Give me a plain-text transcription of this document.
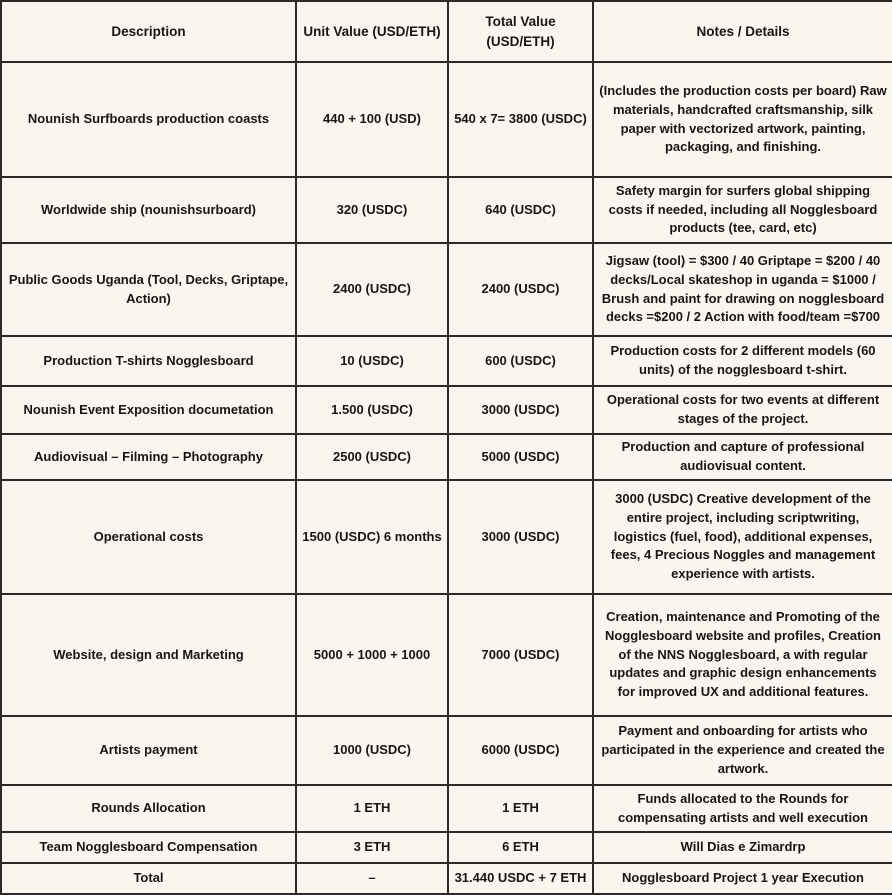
Description	Unit Value (USD/ETH)	Total Value (USD/ETH)	Notes / Details
Nounish Surfboards production coasts	440 + 100 (USD)	540 x 7= 3800 (USDC)	(Includes the production costs per board) Raw materials, handcrafted craftsmanship, silk paper with vectorized artwork, painting, packaging, and finishing.
Worldwide ship (nounishsurboard)	320 (USDC)	640 (USDC)	Safety margin for surfers global shipping costs if needed, including all Nogglesboard products (tee, card, etc)
Public Goods Uganda (Tool, Decks, Griptape, Action)	2400 (USDC)	2400 (USDC)	Jigsaw (tool) = $300 / 40 Griptape = $200 / 40 decks/Local skateshop in uganda = $1000 / Brush and paint for drawing on nogglesboard decks =$200 / 2 Action with food/team =$700
Production T-shirts Nogglesboard	10 (USDC)	600 (USDC)	Production costs for 2 different models (60 units) of the nogglesboard t-shirt.
Nounish Event Exposition documetation	1.500 (USDC)	3000 (USDC)	Operational costs for two events at different stages of the project.
Audiovisual – Filming – Photography	2500 (USDC)	5000 (USDC)	Production and capture of professional audiovisual content.
Operational costs	1500 (USDC) 6 months	3000 (USDC)	3000 (USDC) Creative development of the entire project, including scriptwriting, logistics (fuel, food), additional expenses, fees, 4 Precious Noggles and management experience with artists.
Website, design and Marketing	5000 + 1000 + 1000	7000 (USDC)	Creation, maintenance and Promoting of the Nogglesboard website and profiles, Creation of the NNS Nogglesboard, a with regular updates and graphic design enhancements for improved UX and additional features.
Artists payment	1000 (USDC)	6000 (USDC)	Payment and onboarding for artists who participated in the experience and created the artwork.
Rounds Allocation	1 ETH	1 ETH	Funds allocated to the Rounds for compensating artists and well execution
Team Nogglesboard Compensation	3 ETH	6 ETH	Will Dias e Zimardrp
Total	–	31.440 USDC + 7 ETH	Nogglesboard Project 1 year Execution
